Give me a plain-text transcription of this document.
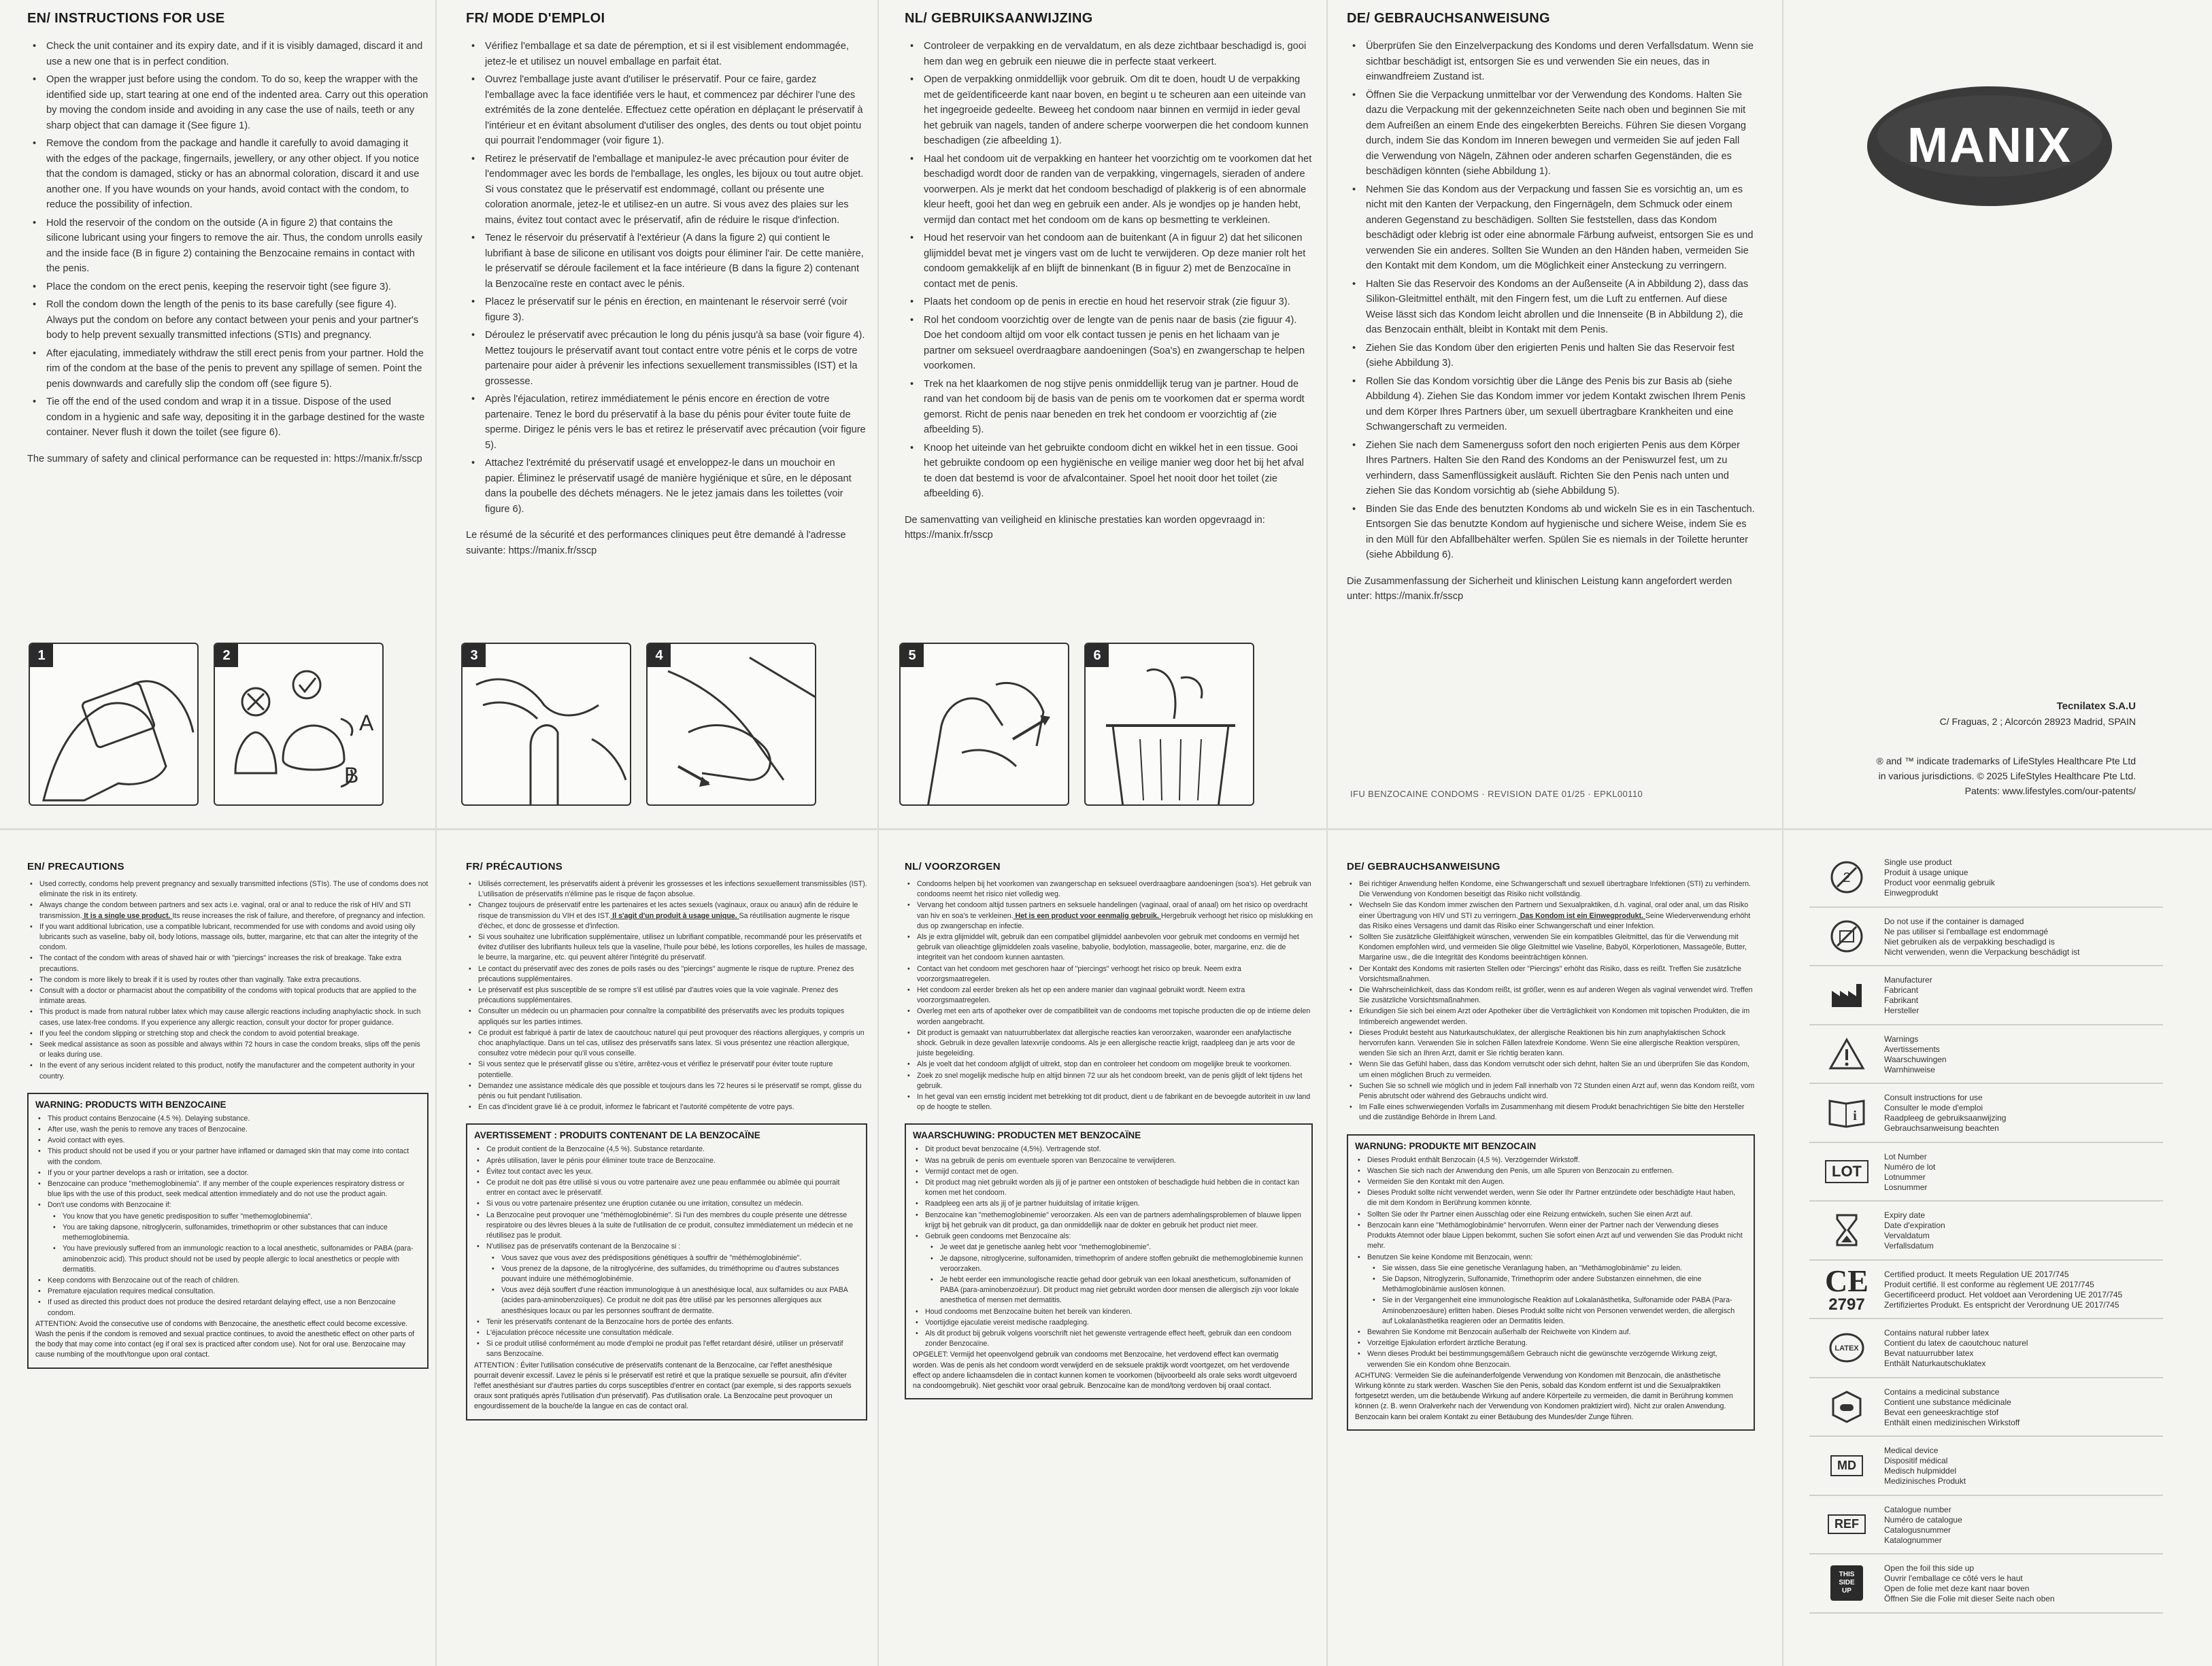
EN/ INSTRUCTIONS FOR USE
• Check the unit container and its expiry date, and if it is visibly damaged, discard it and use a new one that is in perfect condition.
• Open the wrapper just before using the condom. To do so, keep the wrapper with the identified side up, start tearing at one end of the indented area. Carry out this operation by moving the condom inside and avoiding in any case the use of nails, teeth or any sharp object that can damage it (See figure 1).
• Remove the condom from the package and handle it carefully to avoid damaging it with the edges of the package, fingernails, jewellery, or any other object. If you notice that the condom is damaged, sticky or has an abnormal coloration, discard it and use another one. If you have wounds on your hands, avoid contact with the condom, to reduce the possibility of infection.
• Hold the reservoir of the condom on the outside (A in figure 2) that contains the silicone lubricant using your fingers to remove the air. Thus, the condom unrolls easily and the inside face (B in figure 2) containing the Benzocaine remains in contact with the penis.
• Place the condom on the erect penis, keeping the reservoir tight (see figure 3).
• Roll the condom down the length of the penis to its base carefully (see figure 4). Always put the condom on before any contact between your penis and your partner's body to help prevent sexually transmitted infections (STIs) and pregnancy.
• After ejaculating, immediately withdraw the still erect penis from your partner. Hold the rim of the condom at the base of the penis to prevent any spillage of semen. Point the penis downwards and carefully slip the condom off (see figure 5).
• Tie off the end of the used condom and wrap it in a tissue. Dispose of the used condom in a hygienic and safe way, depositing it in the garbage destined for the waste container. Never flush it down the toilet (see figure 6).

The summary of safety and clinical performance can be requested in: https://manix.fr/sscp

FR/ MODE D'EMPLOI
• Vérifiez l'emballage et sa date de péremption, et si il est visiblement endommagée, jetez-le et utilisez un nouvel emballage en parfait état.
• Ouvrez l'emballage juste avant d'utiliser le préservatif. Pour ce faire, gardez l'emballage avec la face identifiée vers le haut, et commencez par déchirer l'une des extrémités de la zone dentelée. Effectuez cette opération en déplaçant le préservatif à l'intérieur et en évitant absolument d'utiliser des ongles, des dents ou tout objet pointu qui pourrait l'endommager (voir figure 1).
• Retirez le préservatif de l'emballage et manipulez-le avec précaution pour éviter de l'endommager avec les bords de l'emballage, les ongles, les bijoux ou tout autre objet. Si vous constatez que le préservatif est endommagé, collant ou présente une coloration anormale, jetez-le et utilisez-en un autre. Si vous avez des plaies sur les mains, évitez tout contact avec le préservatif, afin de réduire le risque d'infection.
• Tenez le réservoir du préservatif à l'extérieur (A dans la figure 2) qui contient le lubrifiant à base de silicone en utilisant vos doigts pour éliminer l'air. De cette manière, le préservatif se déroule facilement et la face intérieure (B dans la figure 2) contenant la Benzocaïne reste en contact avec le pénis.
• Placez le préservatif sur le pénis en érection, en maintenant le réservoir serré (voir figure 3).
• Déroulez le préservatif avec précaution le long du pénis jusqu'à sa base (voir figure 4). Mettez toujours le préservatif avant tout contact entre votre pénis et le corps de votre partenaire pour aider à prévenir les infections sexuellement transmissibles (IST) et la grossesse.
• Après l'éjaculation, retirez immédiatement le pénis encore en érection de votre partenaire. Tenez le bord du préservatif à la base du pénis pour éviter toute fuite de sperme. Dirigez le pénis vers le bas et retirez le préservatif avec précaution (voir figure 5).
• Attachez l'extrémité du préservatif usagé et enveloppez-le dans un mouchoir en papier. Éliminez le préservatif usagé de manière hygiénique et sûre, en le déposant dans la poubelle des déchets ménagers. Ne le jetez jamais dans les toilettes (voir figure 6).

Le résumé de la sécurité et des performances cliniques peut être demandé à l'adresse suivante: https://manix.fr/sscp

NL/ GEBRUIKSAANWIJZING
• Controleer de verpakking en de vervaldatum, en als deze zichtbaar beschadigd is, gooi hem dan weg en gebruik een nieuwe die in perfecte staat verkeert.
• Open de verpakking onmiddellijk voor gebruik. Om dit te doen, houdt U de verpakking met de geïdentificeerde kant naar boven, en begint u te scheuren aan een uiteinde van het ingegroeide gedeelte. Beweeg het condoom naar binnen en vermijd in ieder geval het gebruik van nagels, tanden of andere scherpe voorwerpen die het condoom kunnen beschadigen (zie afbeelding 1).
• Haal het condoom uit de verpakking en hanteer het voorzichtig om te voorkomen dat het beschadigd wordt door de randen van de verpakking, vingernagels, sieraden of andere voorwerpen. Als je merkt dat het condoom beschadigd of plakkerig is of een abnormale kleur heeft, gooi het dan weg en gebruik een ander. Als je wondjes op je handen hebt, vermijd dan contact met het condoom om de kans op besmetting te verkleinen.
• Houd het reservoir van het condoom aan de buitenkant (A in figuur 2) dat het siliconen glijmiddel bevat met je vingers vast om de lucht te verwijderen. Op deze manier rolt het condoom gemakkelijk af en blijft de binnenkant (B in figuur 2) met de Benzocaïne in contact met de penis.
• Plaats het condoom op de penis in erectie en houd het reservoir strak (zie figuur 3).
• Rol het condoom voorzichtig over de lengte van de penis naar de basis (zie figuur 4). Doe het condoom altijd om voor elk contact tussen je penis en het lichaam van je partner om seksueel overdraagbare aandoeningen (Soa's) en zwangerschap te helpen voorkomen.
• Trek na het klaarkomen de nog stijve penis onmiddellijk terug van je partner. Houd de rand van het condoom bij de basis van de penis om te voorkomen dat er sperma wordt gemorst. Richt de penis naar beneden en trek het condoom er voorzichtig af (zie afbeelding 5).
• Knoop het uiteinde van het gebruikte condoom dicht en wikkel het in een tissue. Gooi het gebruikte condoom op een hygiënische en veilige manier weg door het bij het afval te doen dat bestemd is voor de afvalcontainer. Spoel het nooit door het toilet (zie afbeelding 6).

De samenvatting van veiligheid en klinische prestaties kan worden opgevraagd in: https://manix.fr/sscp

DE/ GEBRAUCHSANWEISUNG
• Überprüfen Sie den Einzelverpackung des Kondoms und deren Verfallsdatum. Wenn sie sichtbar beschädigt ist, entsorgen Sie es und verwenden Sie ein neues, das in einwandfreiem Zustand ist.
• Öffnen Sie die Verpackung unmittelbar vor der Verwendung des Kondoms. Halten Sie dazu die Verpackung mit der gekennzeichneten Seite nach oben und beginnen Sie mit dem Aufreißen an einem Ende des eingekerbten Bereichs. Führen Sie diesen Vorgang durch, indem Sie das Kondom im Inneren bewegen und vermeiden Sie auf jeden Fall die Verwendung von Nägeln, Zähnen oder anderen scharfen Gegenständen, die es beschädigen könnten (siehe Abbildung 1).
• Nehmen Sie das Kondom aus der Verpackung und fassen Sie es vorsichtig an, um es nicht mit den Kanten der Verpackung, den Fingernägeln, dem Schmuck oder einem anderen Gegenstand zu beschädigen. Sollten Sie feststellen, dass das Kondom beschädigt oder klebrig ist oder eine abnormale Färbung aufweist, entsorgen Sie es und verwenden Sie ein anderes. Sollten Sie Wunden an den Händen haben, vermeiden Sie den Kontakt mit dem Kondom, um die Möglichkeit einer Ansteckung zu verringern.
• Halten Sie das Reservoir des Kondoms an der Außenseite (A in Abbildung 2), dass das Silikon-Gleitmittel enthält, mit den Fingern fest, um die Luft zu entfernen. Auf diese Weise lässt sich das Kondom leicht abrollen und die Innenseite (B in Abbildung 2), die das Benzocain enthält, bleibt in Kontakt mit dem Penis.
• Ziehen Sie das Kondom über den erigierten Penis und halten Sie das Reservoir fest (siehe Abbildung 3).
• Rollen Sie das Kondom vorsichtig über die Länge des Penis bis zur Basis ab (siehe Abbildung 4). Ziehen Sie das Kondom immer vor jedem Kontakt zwischen Ihrem Penis und dem Körper Ihres Partners über, um sexuell übertragbare Krankheiten und eine Schwangerschaft zu vermeiden.
• Ziehen Sie nach dem Samenerguss sofort den noch erigierten Penis aus dem Körper Ihres Partners. Halten Sie den Rand des Kondoms an der Peniswurzel fest, um zu verhindern, dass Samenflüssigkeit ausläuft. Richten Sie den Penis nach unten und ziehen Sie das Kondom vorsichtig ab (siehe Abbildung 5).
• Binden Sie das Ende des benutzten Kondoms ab und wickeln Sie es in ein Taschentuch. Entsorgen Sie das benutzte Kondom auf hygienische und sichere Weise, indem Sie es in den Müll für den Abfallbehälter werfen. Spülen Sie es niemals in der Toilette herunter (siehe Abbildung 6).

Die Zusammenfassung der Sicherheit und klinischen Leistung kann angefordert werden unter: https://manix.fr/sscp

1	2
A
B
3	4	5	6
IFU BENZOCAINE CONDOMS · REVISION DATE 01/25 · EPKL00110
MANIX
Tecnilatex S.A.U
C/ Fraguas, 2 ; Alcorcón 28923 Madrid, SPAIN
® and ™ indicate trademarks of LifeStyles Healthcare Pte Ltd
in various jurisdictions. © 2025 LifeStyles Healthcare Pte Ltd.
Patents: www.lifestyles.com/our-patents/
EN/ PRECAUTIONS
• Used correctly, condoms help prevent pregnancy and sexually transmitted infections (STIs). The use of condoms does not eliminate the risk in its entirety.
• Always change the condom between partners and sex acts i.e. vaginal, oral or anal to reduce the risk of HIV and STI transmission. It is a single use product. Its reuse increases the risk of failure, and therefore, of pregnancy and infection.
• If you want additional lubrication, use a compatible lubricant, recommended for use with condoms and avoid using oily lubricants such as vaseline, baby oil, body lotions, massage oils, butter, margarine, etc that can alter the integrity of the condom.
• The contact of the condom with areas of shaved hair or with "piercings" increases the risk of breakage. Take extra precautions.
• The condom is more likely to break if it is used by routes other than vaginally. Take extra precautions.
• Consult with a doctor or pharmacist about the compatibility of the condoms with topical products that are applied to the intimate areas.
• This product is made from natural rubber latex which may cause allergic reactions including anaphylactic shock. In such cases, use latex-free condoms. If you experience any allergic reaction, consult your doctor for proper guidance.
• If you feel the condom slipping or stretching stop and check the condom to avoid potential breakage.
• Seek medical assistance as soon as possible and always within 72 hours in case the condom breaks, slips off the penis or leaks during use.
• In the event of any serious incident related to this product, notify the manufacturer and the competent authority in your country.
WARNING: PRODUCTS WITH BENZOCAINE
• This product contains Benzocaine (4.5 %). Delaying substance.
• After use, wash the penis to remove any traces of Benzocaine.
• Avoid contact with eyes.
• This product should not be used if you or your partner have inflamed or damaged skin that may come into contact with the condom.
• If you or your partner develops a rash or irritation, see a doctor.
• Benzocaine can produce "methemoglobinemia". If any member of the couple experiences respiratory distress or blue lips with the use of this product, seek medical attention immediately and do not use the product again.
• Don't use condoms with Benzocaine if:
• You know that you have genetic predisposition to suffer "methemoglobinemia".
• You are taking dapsone, nitroglycerin, sulfonamides, trimethoprim or other substances that can induce methemoglobinemia.
• You have previously suffered from an immunologic reaction to a local anesthetic, sulfonamides or PABA (para-aminobenzoic acid). This product should not be used by people allergic to local anesthetics or people with dermatitis.
• Keep condoms with Benzocaine out of the reach of children.
• Premature ejaculation requires medical consultation.
• If used as directed this product does not produce the desired retardant delaying effect, use a non Benzocaine condom.

ATTENTION: Avoid the consecutive use of condoms with Benzocaine, the anesthetic effect could become excessive. Wash the penis if the condom is removed and sexual practice continues, to avoid the anesthetic effect on other parts of the body that may come into contact (eg if oral sex is practiced after condom use). Not for oral use. Benzocaine may cause numbing of the mouth/tongue upon oral contact.

FR/ PRÉCAUTIONS
• Utilisés correctement, les préservatifs aident à prévenir les grossesses et les infections sexuellement transmissibles (IST). L'utilisation de préservatifs n'élimine pas le risque de façon absolue.
• Changez toujours de préservatif entre les partenaires et les actes sexuels (vaginaux, oraux ou anaux) afin de réduire le risque de transmission du VIH et des IST. Il s'agit d'un produit à usage unique. Sa réutilisation augmente le risque d'échec, et donc de grossesse et d'infection.
• Si vous souhaitez une lubrification supplémentaire, utilisez un lubrifiant compatible, recommandé pour les préservatifs et évitez d'utiliser des lubrifiants huileux tels que la vaseline, l'huile pour bébé, les lotions corporelles, les huiles de massage, le beurre, la margarine, etc. qui peuvent altérer l'intégrité du préservatif.
• Le contact du préservatif avec des zones de poils rasés ou des "piercings" augmente le risque de rupture. Prenez des précautions supplémentaires.
• Le préservatif est plus susceptible de se rompre s'il est utilisé par d'autres voies que la voie vaginale. Prenez des précautions supplémentaires.
• Consulter un médecin ou un pharmacien pour connaître la compatibilité des préservatifs avec les produits topiques appliqués sur les parties intimes.
• Ce produit est fabriqué à partir de latex de caoutchouc naturel qui peut provoquer des réactions allergiques, y compris un choc anaphylactique. Dans un tel cas, utilisez des préservatifs sans latex. Si vous présentez une réaction allergique, consultez votre médecin pour qu'il vous conseille.
• Si vous sentez que le préservatif glisse ou s'étire, arrêtez-vous et vérifiez le préservatif pour éviter toute rupture potentielle.
• Demandez une assistance médicale dès que possible et toujours dans les 72 heures si le préservatif se rompt, glisse du pénis ou fuit pendant l'utilisation.
• En cas d'incident grave lié à ce produit, informez le fabricant et l'autorité compétente de votre pays.
AVERTISSEMENT : PRODUITS CONTENANT DE LA BENZOCAÏNE
• Ce produit contient de la Benzocaïne (4,5 %). Substance retardante.
• Après utilisation, laver le pénis pour éliminer toute trace de Benzocaïne.
• Évitez tout contact avec les yeux.
• Ce produit ne doit pas être utilisé si vous ou votre partenaire avez une peau enflammée ou abîmée qui pourrait entrer en contact avec le préservatif.
• Si vous ou votre partenaire présentez une éruption cutanée ou une irritation, consultez un médecin.
• La Benzocaïne peut provoquer une "méthémoglobinémie". Si l'un des membres du couple présente une détresse respiratoire ou des lèvres bleues à la suite de l'utilisation de ce produit, consultez immédiatement un médecin et ne réutilisez pas le produit.
• N'utilisez pas de préservatifs contenant de la Benzocaïne si :
• Vous savez que vous avez des prédispositions génétiques à souffrir de "méthémoglobinémie".
• Vous prenez de la dapsone, de la nitroglycérine, des sulfamides, du triméthoprime ou d'autres substances pouvant induire une méthémoglobinémie.
• Vous avez déjà souffert d'une réaction immunologique à un anesthésique local, aux sulfamides ou aux PABA (acides para-aminobenzoïques). Ce produit ne doit pas être utilisé par les personnes allergiques aux anesthésiques locaux ou par les personnes souffrant de dermatite.
• Tenir les préservatifs contenant de la Benzocaïne hors de portée des enfants.
• L'éjaculation précoce nécessite une consultation médicale.
• Si ce produit utilisé conformément au mode d'emploi ne produit pas l'effet retardant désiré, utiliser un préservatif sans Benzocaïne.

ATTENTION : Éviter l'utilisation consécutive de préservatifs contenant de la Benzocaïne, car l'effet anesthésique pourrait devenir excessif. Lavez le pénis si le préservatif est retiré et que la pratique sexuelle se poursuit, afin d'éviter l'effet anesthésiant sur d'autres parties du corps susceptibles d'entrer en contact (par exemple, si des rapports sexuels oraux sont pratiqués après l'utilisation d'un préservatif). Pas d'utilisation orale. La Benzocaïne peut provoquer un engourdissement de la bouche/de la langue en cas de contact oral.

NL/ VOORZORGEN
• Condooms helpen bij het voorkomen van zwangerschap en seksueel overdraagbare aandoeningen (soa's). Het gebruik van condooms neemt het risico niet volledig weg.
• Vervang het condoom altijd tussen partners en seksuele handelingen (vaginaal, oraal of anaal) om het risico op overdracht van hiv en soa's te verkleinen. Het is een product voor eenmalig gebruik. Hergebruik verhoogt het risico op mislukking en dus op zwangerschap en infectie.
• Als je extra glijmiddel wilt, gebruik dan een compatibel glijmiddel aanbevolen voor gebruik met condooms en vermijd het gebruik van olieachtige glijmiddelen zoals vaseline, babyolie, bodylotion, massageolie, boter, margarine, enz. die de integriteit van het condoom kunnen aantasten.
• Contact van het condoom met geschoren haar of "piercings" verhoogt het risico op breuk. Neem extra voorzorgsmaatregelen.
• Het condoom zal eerder breken als het op een andere manier dan vaginaal gebruikt wordt. Neem extra voorzorgsmaatregelen.
• Overleg met een arts of apotheker over de compatibiliteit van de condooms met topische producten die op de intieme delen worden aangebracht.
• Dit product is gemaakt van natuurrubberlatex dat allergische reacties kan veroorzaken, waaronder een anafylactische shock. Gebruik in deze gevallen latexvrije condooms. Als je een allergische reactie krijgt, raadpleeg dan je arts voor de juiste begeleiding.
• Als je voelt dat het condoom afglijdt of uitrekt, stop dan en controleer het condoom om mogelijke breuk te voorkomen.
• Zoek zo snel mogelijk medische hulp en altijd binnen 72 uur als het condoom breekt, van de penis glijdt of lekt tijdens het gebruik.
• In het geval van een ernstig incident met betrekking tot dit product, dient u de fabrikant en de bevoegde autoriteit in uw land op de hoogte te stellen.
WAARSCHUWING: PRODUCTEN MET BENZOCAÏNE
• Dit product bevat benzocaïne (4,5%). Vertragende stof.
• Was na gebruik de penis om eventuele sporen van Benzocaïne te verwijderen.
• Vermijd contact met de ogen.
• Dit product mag niet gebruikt worden als jij of je partner een ontstoken of beschadigde huid hebben die in contact kan komen met het condoom.
• Raadpleeg een arts als jij of je partner huiduitslag of irritatie krijgen.
• Benzocaïne kan "methemoglobinemie" veroorzaken. Als een van de partners ademhalingsproblemen of blauwe lippen krijgt bij het gebruik van dit product, ga dan onmiddellijk naar de dokter en gebruik het product niet meer.
• Gebruik geen condooms met Benzocaïne als:
• Je weet dat je genetische aanleg hebt voor "methemoglobinemie".
• Je dapsone, nitroglycerine, sulfonamiden, trimethoprim of andere stoffen gebruikt die methemoglobinemie kunnen veroorzaken.
• Je hebt eerder een immunologische reactie gehad door gebruik van een lokaal anestheticum, sulfonamiden of PABA (para-aminobenzoëzuur). Dit product mag niet gebruikt worden door mensen die allergisch zijn voor lokale anesthetica of mensen met dermatitis.
• Houd condooms met Benzocaïne buiten het bereik van kinderen.
• Voortijdige ejaculatie vereist medische raadpleging.
• Als dit product bij gebruik volgens voorschrift niet het gewenste vertragende effect heeft, gebruik dan een condoom zonder Benzocaïne.

OPGELET: Vermijd het opeenvolgend gebruik van condooms met Benzocaïne, het verdovend effect kan overmatig worden. Was de penis als het condoom wordt verwijderd en de seksuele praktijk wordt voortgezet, om het verdovende effect op andere lichaamsdelen die in contact kunnen komen te voorkomen (bijvoorbeeld als orale seks wordt uitgevoerd na condoomgebruik). Niet geschikt voor oraal gebruik. Benzocaïne kan de mond/tong verdoven bij oraal contact.

DE/ GEBRAUCHSANWEISUNG
• Bei richtiger Anwendung helfen Kondome, eine Schwangerschaft und sexuell übertragbare Infektionen (STI) zu verhindern. Die Verwendung von Kondomen beseitigt das Risiko nicht vollständig.
• Wechseln Sie das Kondom immer zwischen den Partnern und Sexualpraktiken, d.h. vaginal, oral oder anal, um das Risiko einer Übertragung von HIV und STI zu verringern. Das Kondom ist ein Einwegprodukt. Seine Wiederverwendung erhöht das Risiko eines Versagens und damit das Risiko einer Schwangerschaft und einer Infektion.
• Sollten Sie zusätzliche Gleitfähigkeit wünschen, verwenden Sie ein kompatibles Gleitmittel, das für die Verwendung mit Kondomen empfohlen wird, und vermeiden Sie ölige Gleitmittel wie Vaseline, Babyöl, Körperlotionen, Massageöle, Butter, Margarine usw., die die Integrität des Kondoms beeinträchtigen können.
• Der Kontakt des Kondoms mit rasierten Stellen oder "Piercings" erhöht das Risiko, dass es reißt. Treffen Sie zusätzliche Vorsichtsmaßnahmen.
• Die Wahrscheinlichkeit, dass das Kondom reißt, ist größer, wenn es auf anderen Wegen als vaginal verwendet wird. Treffen Sie zusätzliche Vorsichtsmaßnahmen.
• Erkundigen Sie sich bei einem Arzt oder Apotheker über die Verträglichkeit von Kondomen mit topischen Produkten, die im Intimbereich angewendet werden.
• Dieses Produkt besteht aus Naturkautschuklatex, der allergische Reaktionen bis hin zum anaphylaktischen Schock hervorrufen kann. Verwenden Sie in solchen Fällen latexfreie Kondome. Wenn Sie eine allergische Reaktion verspüren, wenden Sie sich an Ihren Arzt, damit er Sie richtig beraten kann.
• Wenn Sie das Gefühl haben, dass das Kondom verrutscht oder sich dehnt, halten Sie an und überprüfen Sie das Kondom, um einen möglichen Bruch zu vermeiden.
• Suchen Sie so schnell wie möglich und in jedem Fall innerhalb von 72 Stunden einen Arzt auf, wenn das Kondom reißt, vom Penis abrutscht oder während des Gebrauchs undicht wird.
• Im Falle eines schwerwiegenden Vorfalls im Zusammenhang mit diesem Produkt benachrichtigen Sie bitte den Hersteller und die zuständige Behörde in Ihrem Land.
WARNUNG: PRODUKTE MIT BENZOCAIN
• Dieses Produkt enthält Benzocain (4,5 %). Verzögernder Wirkstoff.
• Waschen Sie sich nach der Anwendung den Penis, um alle Spuren von Benzocain zu entfernen.
• Vermeiden Sie den Kontakt mit den Augen.
• Dieses Produkt sollte nicht verwendet werden, wenn Sie oder Ihr Partner entzündete oder beschädigte Haut haben, die mit dem Kondom in Berührung kommen könnte.
• Sollten Sie oder Ihr Partner einen Ausschlag oder eine Reizung entwickeln, suchen Sie einen Arzt auf.
• Benzocain kann eine "Methämoglobinämie" hervorrufen. Wenn einer der Partner nach der Verwendung dieses Produkts Atemnot oder blaue Lippen bekommt, suchen Sie sofort einen Arzt auf und verwenden Sie das Produkt nicht mehr.
• Benutzen Sie keine Kondome mit Benzocain, wenn:
• Sie wissen, dass Sie eine genetische Veranlagung haben, an "Methämoglobinämie" zu leiden.
• Sie Dapson, Nitroglyzerin, Sulfonamide, Trimethoprim oder andere Substanzen einnehmen, die eine Methämoglobinämie auslösen können.
• Sie in der Vergangenheit eine immunologische Reaktion auf Lokalanästhetika, Sulfonamide oder PABA (Para-Aminobenzoesäure) erlitten haben. Dieses Produkt sollte nicht von Personen verwendet werden, die allergisch auf Lokalanästhetika reagieren oder an Dermatitis leiden.
• Bewahren Sie Kondome mit Benzocain außerhalb der Reichweite von Kindern auf.
• Vorzeitige Ejakulation erfordert ärztliche Beratung.
• Wenn dieses Produkt bei bestimmungsgemäßem Gebrauch nicht die gewünschte verzögernde Wirkung zeigt, verwenden Sie ein Kondom ohne Benzocain.

ACHTUNG: Vermeiden Sie die aufeinanderfolgende Verwendung von Kondomen mit Benzocain, die anästhetische Wirkung könnte zu stark werden. Waschen Sie den Penis, sobald das Kondom entfernt ist und die Sexualpraktiken fortgesetzt werden, um die betäubende Wirkung auf andere Körperteile zu vermeiden, die damit in Berührung kommen können (z. B. wenn Oralverkehr nach der Verwendung von Kondomen praktiziert wird). Nicht zur oralen Anwendung. Benzocain kann bei oralem Kontakt zu einer Betäubung des Mundes/der Zunge führen.

2
Single use product
Produit à usage unique
Product voor eenmalig gebruik
Einwegprodukt
Do not use if the container is damaged
Ne pas utiliser si l'emballage est endommagé
Niet gebruiken als de verpakking beschadigd is
Nicht verwenden, wenn die Verpackung beschädigt ist
Manufacturer
Fabricant
Fabrikant
Hersteller
Warnings
Avertissements
Waarschuwingen
Warnhinweise
i
Consult instructions for use
Consulter le mode d'emploi
Raadpleeg de gebruiksaanwijzing
Gebrauchsanweisung beachten
LOT
Lot Number
Numéro de lot
Lotnummer
Losnummer
Expiry date
Date d'expiration
Vervaldatum
Verfallsdatum
CE
2797
Certified product. It meets Regulation UE 2017/745
Produit certifié. Il est conforme au règlement UE 2017/745
Gecertificeerd product. Het voldoet aan Verordening UE 2017/745
Zertifiziertes Produkt. Es entspricht der Verordnung UE 2017/745
LATEX
Contains natural rubber latex
Contient du latex de caoutchouc naturel
Bevat natuurrubber latex
Enthält Naturkautschuklatex
Contains a medicinal substance
Contient une substance médicinale
Bevat een geneeskrachtige stof
Enthält einen medizinischen Wirkstoff
MD
Medical device
Dispositif médical
Medisch hulpmiddel
Medizinisches Produkt
REF
Catalogue number
Numéro de catalogue
Catalogusnummer
Katalognummer
THIS
SIDE
UP
Open the foil this side up
Ouvrir l'emballage ce côté vers le haut
Open de folie met deze kant naar boven
Öffnen Sie die Folie mit dieser Seite nach oben
